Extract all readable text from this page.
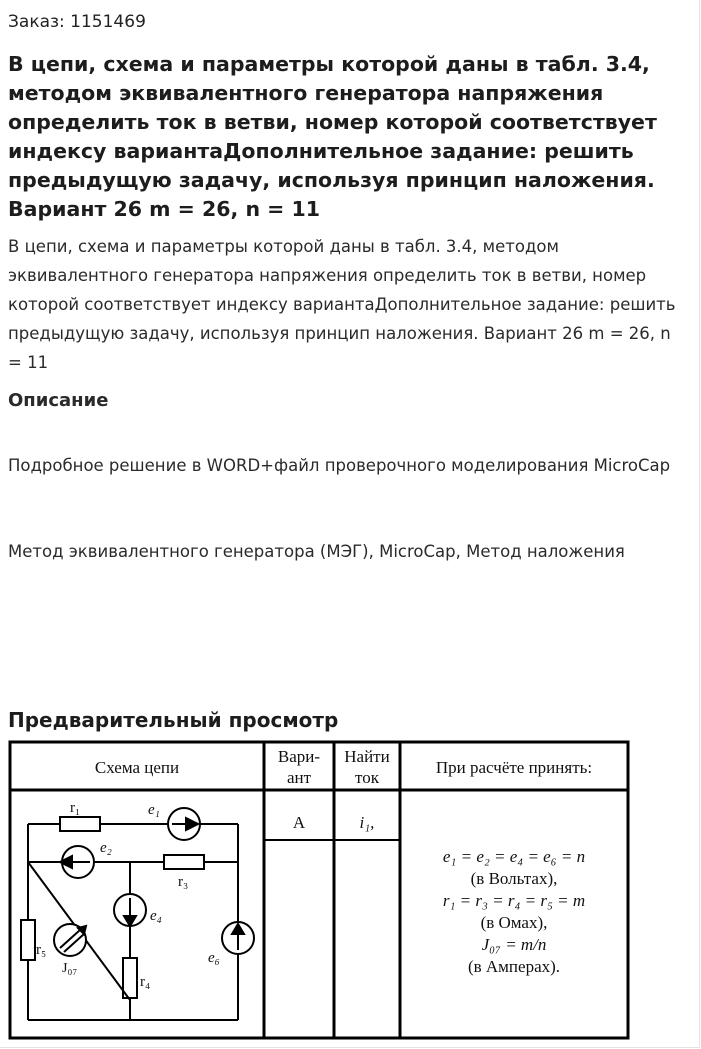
Заказ: 1151469
В цепи, схема и параметры которой даны в табл. 3.4, методом эквивалентного генератора напряжения определить ток в ветви, номер которой соответствует индексу вариантаДополнительное задание: решить предыдущую задачу, используя принцип наложения. Вариант 26 m = 26, n = 11
В цепи, схема и параметры которой даны в табл. 3.4, методом эквивалентного генератора напряжения определить ток в ветви, номер которой соответствует индексу вариантаДополнительное задание: решить предыдущую задачу, используя принцип наложения. Вариант 26 m = 26, n = 11
Описание
Подробное решение в WORD+файл проверочного моделирования MicroCap
Метод эквивалентного генератора (МЭГ), MicroCap, Метод наложения
Предварительный просмотр
Схема цепи
Вари-
ант
Найти
ток
При расчёте принять:
А	i₁,
e₁ = e₂ = e₄ = e₆ = n
(в Вольтах),
r₁ = r₃ = r₄ = r₅ = m
(в Омах),
J₀₇ = m/n
(в Амперах).
r₁	e₁
e₂
r₃
e₄
r₅
J₀₇
r₄
e₆
